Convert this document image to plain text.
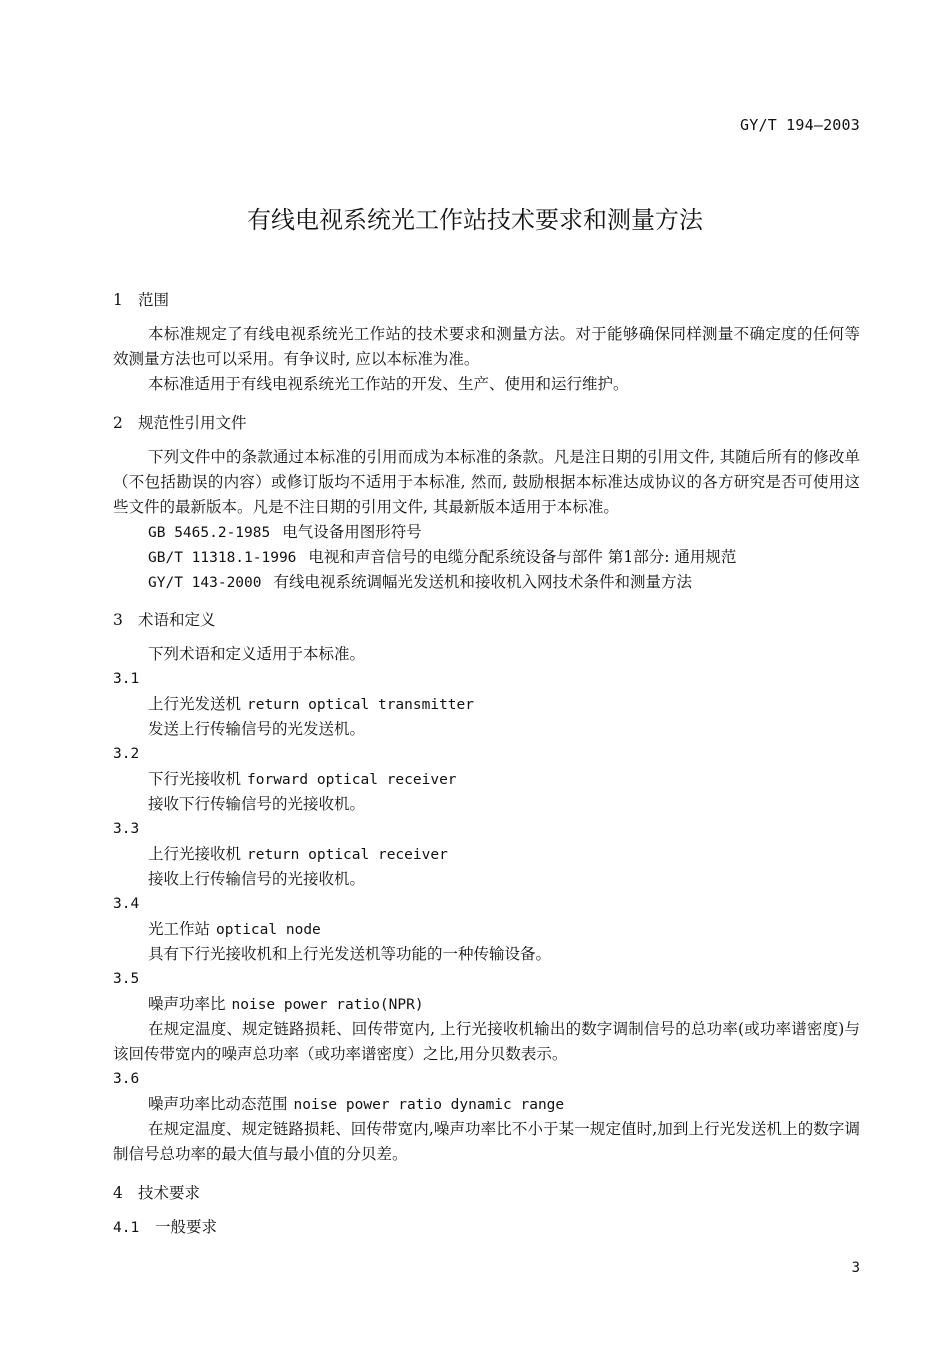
GY/T 194—2003
有线电视系统光工作站技术要求和测量方法
1 范围
本标准规定了有线电视系统光工作站的技术要求和测量方法。对于能够确保同样测量不确定度的任何等效测量方法也可以采用。有争议时, 应以本标准为准。
本标准适用于有线电视系统光工作站的开发、生产、使用和运行维护。
2 规范性引用文件
下列文件中的条款通过本标准的引用而成为本标准的条款。凡是注日期的引用文件, 其随后所有的修改单（不包括勘误的内容）或修订版均不适用于本标准, 然而, 鼓励根据本标准达成协议的各方研究是否可使用这些文件的最新版本。凡是不注日期的引用文件, 其最新版本适用于本标准。
GB 5465.2-1985 电气设备用图形符号
GB/T 11318.1-1996 电视和声音信号的电缆分配系统设备与部件 第1部分: 通用规范
GY/T 143-2000 有线电视系统调幅光发送机和接收机入网技术条件和测量方法
3 术语和定义
下列术语和定义适用于本标准。
3.1
上行光发送机 return optical transmitter
发送上行传输信号的光发送机。
3.2
下行光接收机 forward optical receiver
接收下行传输信号的光接收机。
3.3
上行光接收机 return optical receiver
接收上行传输信号的光接收机。
3.4
光工作站 optical node
具有下行光接收机和上行光发送机等功能的一种传输设备。
3.5
噪声功率比 noise power ratio(NPR)
在规定温度、规定链路损耗、回传带宽内, 上行光接收机输出的数字调制信号的总功率(或功率谱密度)与该回传带宽内的噪声总功率（或功率谱密度）之比,用分贝数表示。
3.6
噪声功率比动态范围 noise power ratio dynamic range
在规定温度、规定链路损耗、回传带宽内,噪声功率比不小于某一规定值时,加到上行光发送机上的数字调制信号总功率的最大值与最小值的分贝差。
4 技术要求
4.1 一般要求
3
